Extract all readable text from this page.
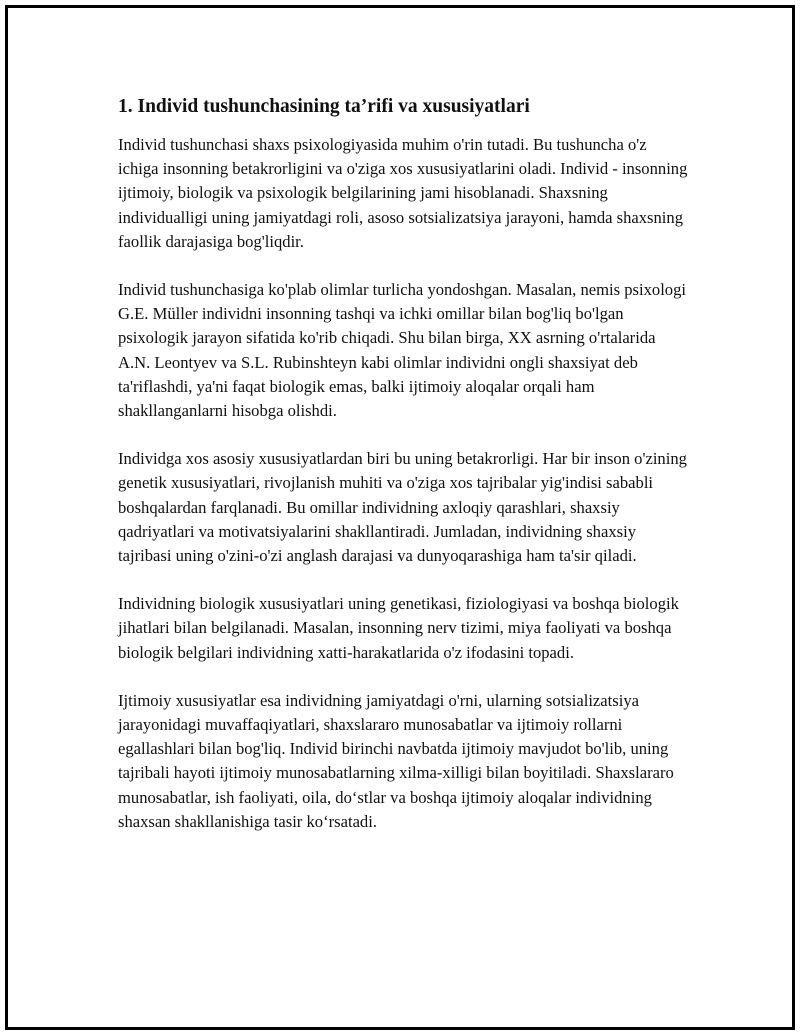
1. Individ tushunchasining ta’rifi va xususiyatlari

Individ tushunchasi shaxs psixologiyasida muhim o'rin tutadi. Bu tushuncha o'z ichiga insonning betakrorligini va o'ziga xos xususiyatlarini oladi. Individ - insonning ijtimoiy, biologik va psixologik belgilarining jami hisoblanadi. Shaxsning individualligi uning jamiyatdagi roli, asoso sotsializatsiya jarayoni, hamda shaxsning faollik darajasiga bog'liqdir.

Individ tushunchasiga ko'plab olimlar turlicha yondoshgan. Masalan, nemis psixologi G.E. Müller individni insonning tashqi va ichki omillar bilan bog'liq bo'lgan psixologik jarayon sifatida ko'rib chiqadi. Shu bilan birga, XX asrning o'rtalarida A.N. Leontyev va S.L. Rubinshteyn kabi olimlar individni ongli shaxsiyat deb ta'riflashdi, ya'ni faqat biologik emas, balki ijtimoiy aloqalar orqali ham shakllanganlarni hisobga olishdi.

Individga xos asosiy xususiyatlardan biri bu uning betakrorligi. Har bir inson o'zining genetik xususiyatlari, rivojlanish muhiti va o'ziga xos tajribalar yig'indisi sababli boshqalardan farqlanadi. Bu omillar individning axloqiy qarashlari, shaxsiy qadriyatlari va motivatsiyalarini shakllantiradi. Jumladan, individning shaxsiy tajribasi uning o'zini-o'zi anglash darajasi va dunyoqarashiga ham ta'sir qiladi.

Individning biologik xususiyatlari uning genetikasi, fiziologiyasi va boshqa biologik jihatlari bilan belgilanadi. Masalan, insonning nerv tizimi, miya faoliyati va boshqa biologik belgilari individning xatti-harakatlarida o'z ifodasini topadi.

Ijtimoiy xususiyatlar esa individning jamiyatdagi o'rni, ularning sotsializatsiya jarayonidagi muvaffaqiyatlari, shaxslararo munosabatlar va ijtimoiy rollarni egallashlari bilan bog'liq. Individ birinchi navbatda ijtimoiy mavjudot bo'lib, uning tajribali hayoti ijtimoiy munosabatlarning xilma-xilligi bilan boyitiladi. Shaxslararo munosabatlar, ish faoliyati, oila, do‘stlar va boshqa ijtimoiy aloqalar individning shaxsan shakllanishiga tasir ko‘rsatadi.
